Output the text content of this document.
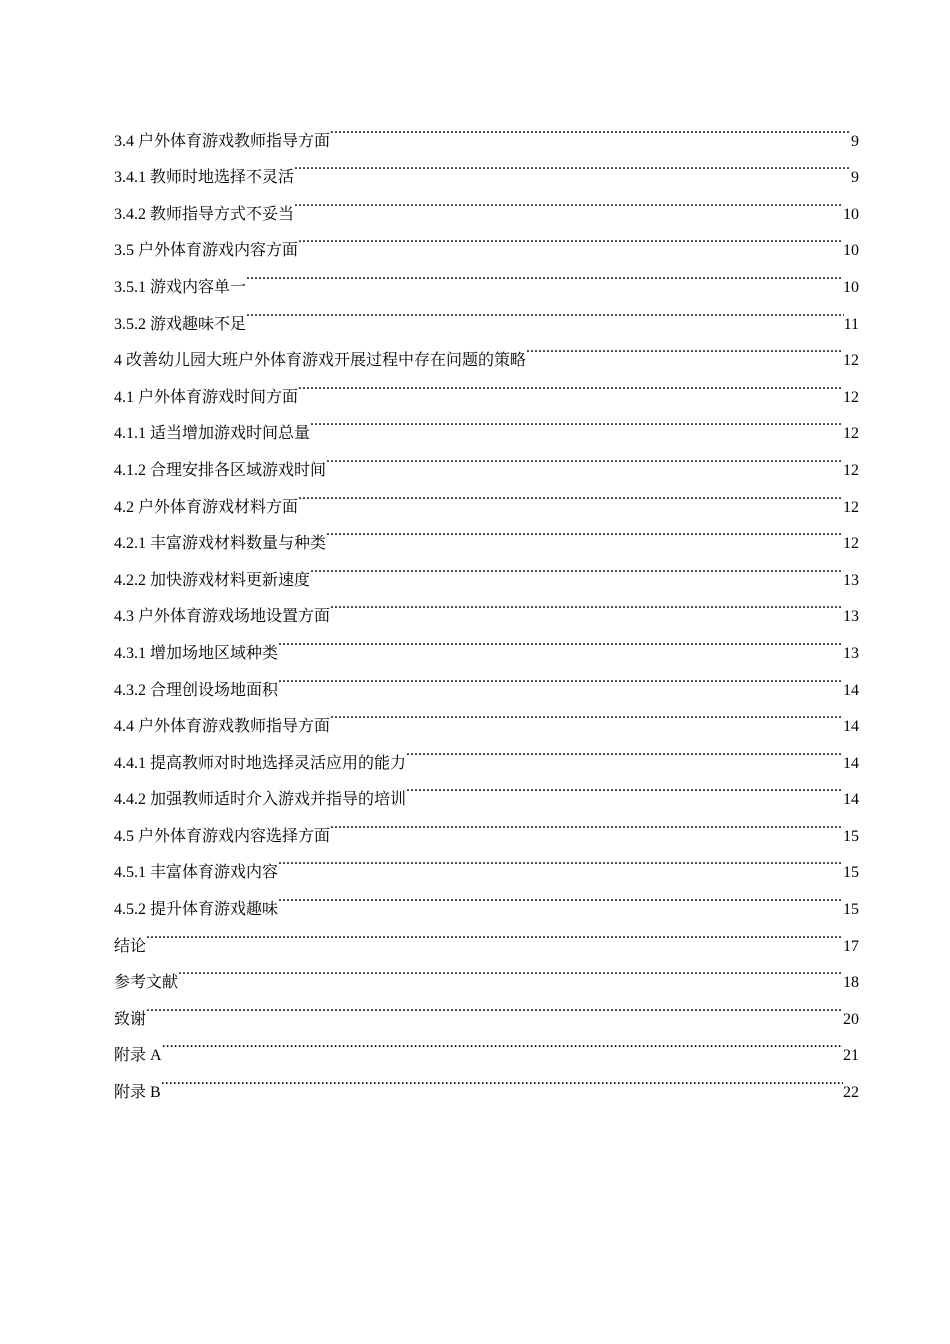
3.4 户外体育游戏教师指导方面 .....	9
3.4.1 教师时地选择不灵活 .....	9
3.4.2 教师指导方式不妥当 .....	10
3.5 户外体育游戏内容方面 .....	10
3.5.1 游戏内容单一 .....	10
3.5.2 游戏趣味不足 .....	11
4 改善幼儿园大班户外体育游戏开展过程中存在问题的策略 .....	12
4.1 户外体育游戏时间方面 .....	12
4.1.1 适当增加游戏时间总量 .....	12
4.1.2 合理安排各区域游戏时间 .....	12
4.2 户外体育游戏材料方面 .....	12
4.2.1 丰富游戏材料数量与种类 .....	12
4.2.2 加快游戏材料更新速度 .....	13
4.3 户外体育游戏场地设置方面 .....	13
4.3.1 增加场地区域种类 .....	13
4.3.2 合理创设场地面积 .....	14
4.4 户外体育游戏教师指导方面 .....	14
4.4.1 提高教师对时地选择灵活应用的能力 .....	14
4.4.2 加强教师适时介入游戏并指导的培训 .....	14
4.5 户外体育游戏内容选择方面 .....	15
4.5.1 丰富体育游戏内容 .....	15
4.5.2 提升体育游戏趣味 .....	15
结论 .....	17
参考文献 .....	18
致谢 .....	20
附录 A .....	21
附录 B .....	22
